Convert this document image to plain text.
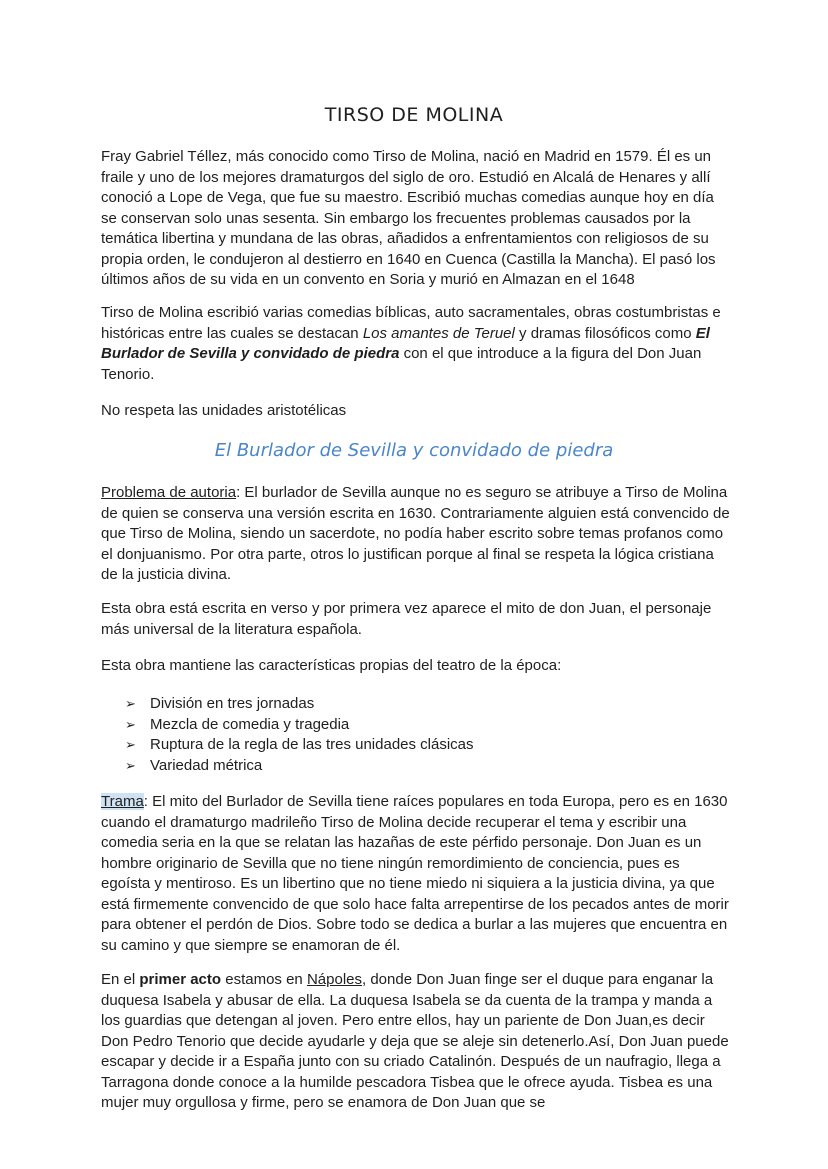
TIRSO DE MOLINA

Fray Gabriel Téllez, más conocido como Tirso de Molina, nació en Madrid en 1579. Él es un fraile y uno de los mejores dramaturgos del siglo de oro. Estudió en Alcalá de Henares y allí conoció a Lope de Vega, que fue su maestro. Escribió muchas comedias aunque hoy en día se conservan solo unas sesenta. Sin embargo los frecuentes problemas causados por la temática libertina y mundana de las obras, añadidos a enfrentamientos con religiosos de su propia orden, le condujeron al destierro en 1640 en Cuenca (Castilla la Mancha). El pasó los últimos años de su vida en un convento en Soria y murió en Almazan en el 1648

Tirso de Molina escribió varias comedias bíblicas, auto sacramentales, obras costumbristas e históricas entre las cuales se destacan Los amantes de Teruel y dramas filosóficos como El Burlador de Sevilla y convidado de piedra con el que introduce a la figura del Don Juan Tenorio.

No respeta las unidades aristotélicas

El Burlador de Sevilla y convidado de piedra

Problema de autoria: El burlador de Sevilla aunque no es seguro se atribuye a Tirso de Molina de quien se conserva una versión escrita en 1630. Contrariamente alguien está convencido de que Tirso de Molina, siendo un sacerdote, no podía haber escrito sobre temas profanos como el donjuanismo. Por otra parte, otros lo justifican porque al final se respeta la lógica cristiana de la justicia divina.

Esta obra está escrita en verso y por primera vez aparece el mito de don Juan, el personaje más universal de la literatura española.

Esta obra mantiene las características propias del teatro de la época:

➢ División en tres jornadas
➢ Mezcla de comedia y tragedia
➢ Ruptura de la regla de las tres unidades clásicas
➢ Variedad métrica

Trama: El mito del Burlador de Sevilla tiene raíces populares en toda Europa, pero es en 1630 cuando el dramaturgo madrileño Tirso de Molina decide recuperar el tema y escribir una comedia seria en la que se relatan las hazañas de este pérfido personaje. Don Juan es un hombre originario de Sevilla que no tiene ningún remordimiento de conciencia, pues es egoísta y mentiroso. Es un libertino que no tiene miedo ni siquiera a la justicia divina, ya que está firmemente convencido de que solo hace falta arrepentirse de los pecados antes de morir para obtener el perdón de Dios. Sobre todo se dedica a burlar a las mujeres que encuentra en su camino y que siempre se enamoran de él.

En el primer acto estamos en Nápoles, donde Don Juan finge ser el duque para enganar la duquesa Isabela y abusar de ella. La duquesa Isabela se da cuenta de la trampa y manda a los guardias que detengan al joven. Pero entre ellos, hay un pariente de Don Juan,es decir Don Pedro Tenorio que decide ayudarle y deja que se aleje sin detenerlo.Así, Don Juan puede escapar y decide ir a España junto con su criado Catalinón. Después de un naufragio, llega a Tarragona donde conoce a la humilde pescadora Tisbea que le ofrece ayuda. Tisbea es una mujer muy orgullosa y firme, pero se enamora de Don Juan que se
